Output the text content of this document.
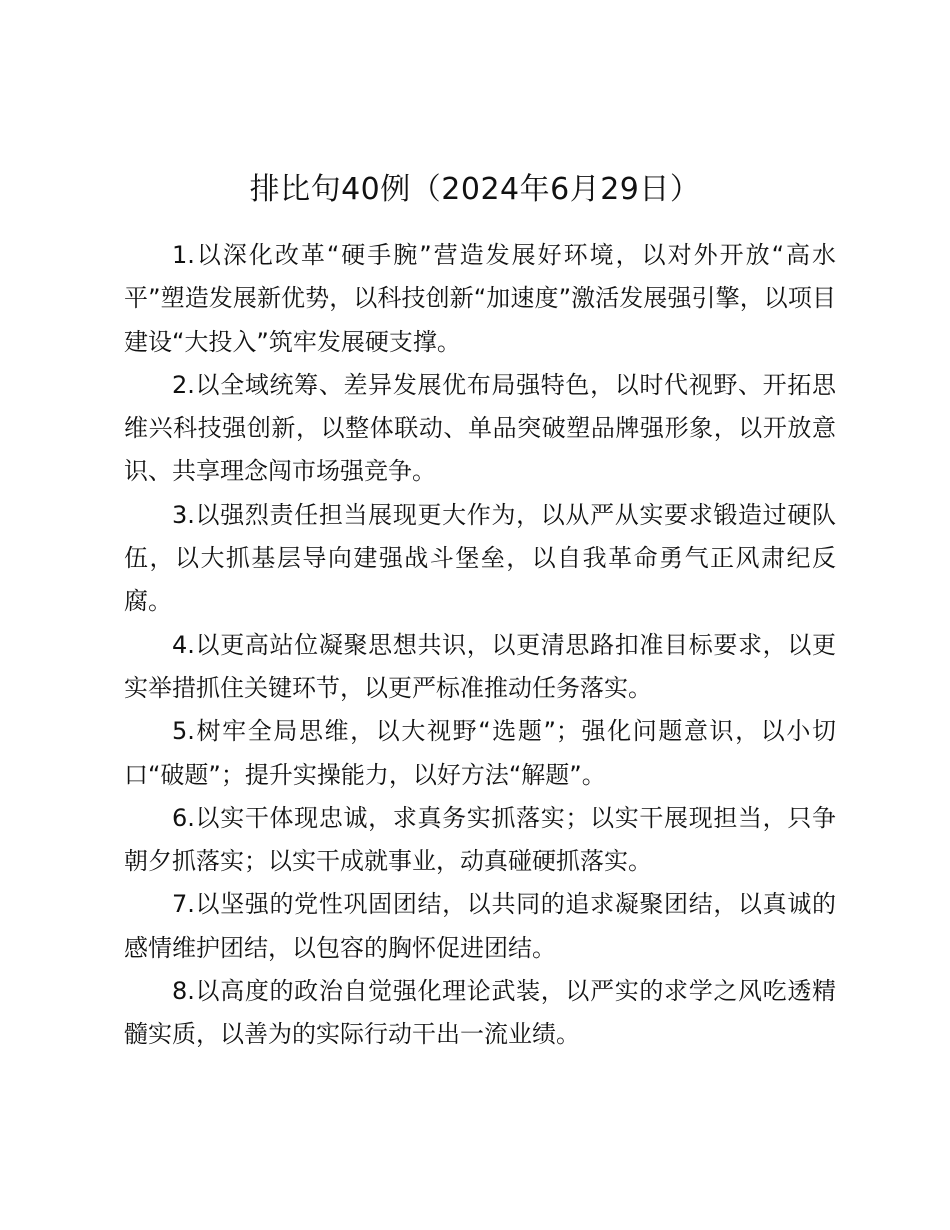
排比句40例（2024年6月29日）

1.以深化改革“硬手腕”营造发展好环境，以对外开放“高水平”塑造发展新优势，以科技创新“加速度”激活发展强引擎，以项目建设“大投入”筑牢发展硬支撑。

2.以全域统筹、差异发展优布局强特色，以时代视野、开拓思维兴科技强创新，以整体联动、单品突破塑品牌强形象，以开放意识、共享理念闯市场强竞争。

3.以强烈责任担当展现更大作为，以从严从实要求锻造过硬队伍，以大抓基层导向建强战斗堡垒，以自我革命勇气正风肃纪反腐。

4.以更高站位凝聚思想共识，以更清思路扣准目标要求，以更实举措抓住关键环节，以更严标准推动任务落实。

5.树牢全局思维，以大视野“选题”；强化问题意识，以小切口“破题”；提升实操能力，以好方法“解题”。

6.以实干体现忠诚，求真务实抓落实；以实干展现担当，只争朝夕抓落实；以实干成就事业，动真碰硬抓落实。

7.以坚强的党性巩固团结，以共同的追求凝聚团结，以真诚的感情维护团结，以包容的胸怀促进团结。

8.以高度的政治自觉强化理论武装，以严实的求学之风吃透精髓实质，以善为的实际行动干出一流业绩。
